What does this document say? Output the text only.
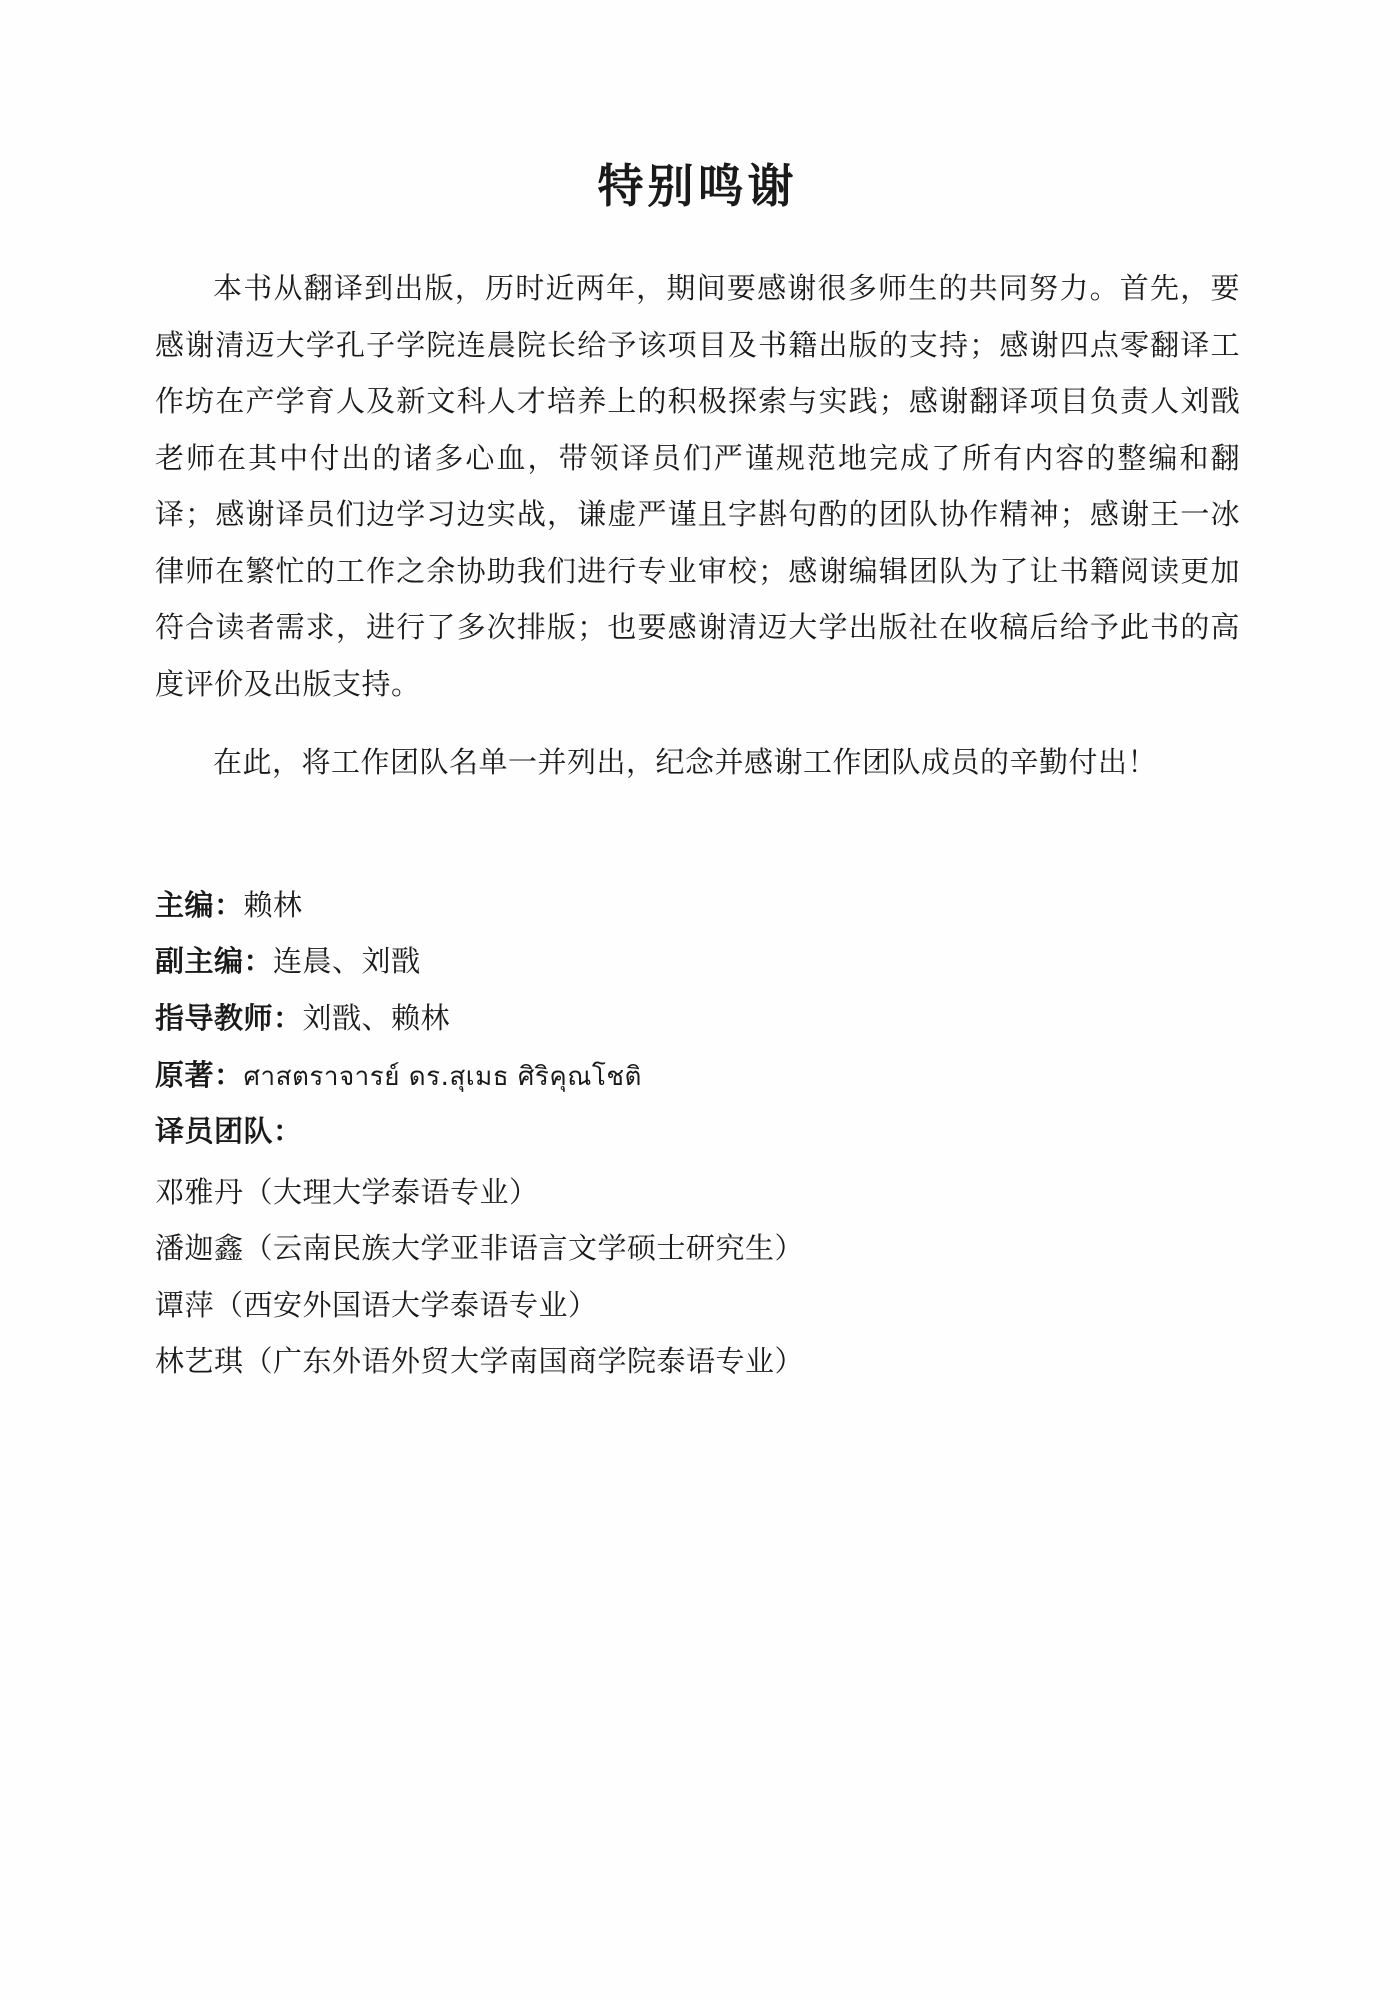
特别鸣谢

本书从翻译到出版，历时近两年，期间要感谢很多师生的共同努力。首先，要感谢清迈大学孔子学院连晨院长给予该项目及书籍出版的支持；感谢四点零翻译工作坊在产学育人及新文科人才培养上的积极探索与实践；感谢翻译项目负责人刘戬老师在其中付出的诸多心血，带领译员们严谨规范地完成了所有内容的整编和翻译；感谢译员们边学习边实战，谦虚严谨且字斟句酌的团队协作精神；感谢王一冰律师在繁忙的工作之余协助我们进行专业审校；感谢编辑团队为了让书籍阅读更加符合读者需求，进行了多次排版；也要感谢清迈大学出版社在收稿后给予此书的高度评价及出版支持。

在此，将工作团队名单一并列出，纪念并感谢工作团队成员的辛勤付出！

主编：赖林

副主编：连晨、刘戬

指导教师：刘戬、赖林

原著：ศาสตราจารย์ ดร.สุเมธ ศิริคุณโชติ

译员团队：

邓雅丹（大理大学泰语专业）

潘迦鑫（云南民族大学亚非语言文学硕士研究生）

谭萍（西安外国语大学泰语专业）

林艺琪（广东外语外贸大学南国商学院泰语专业）
